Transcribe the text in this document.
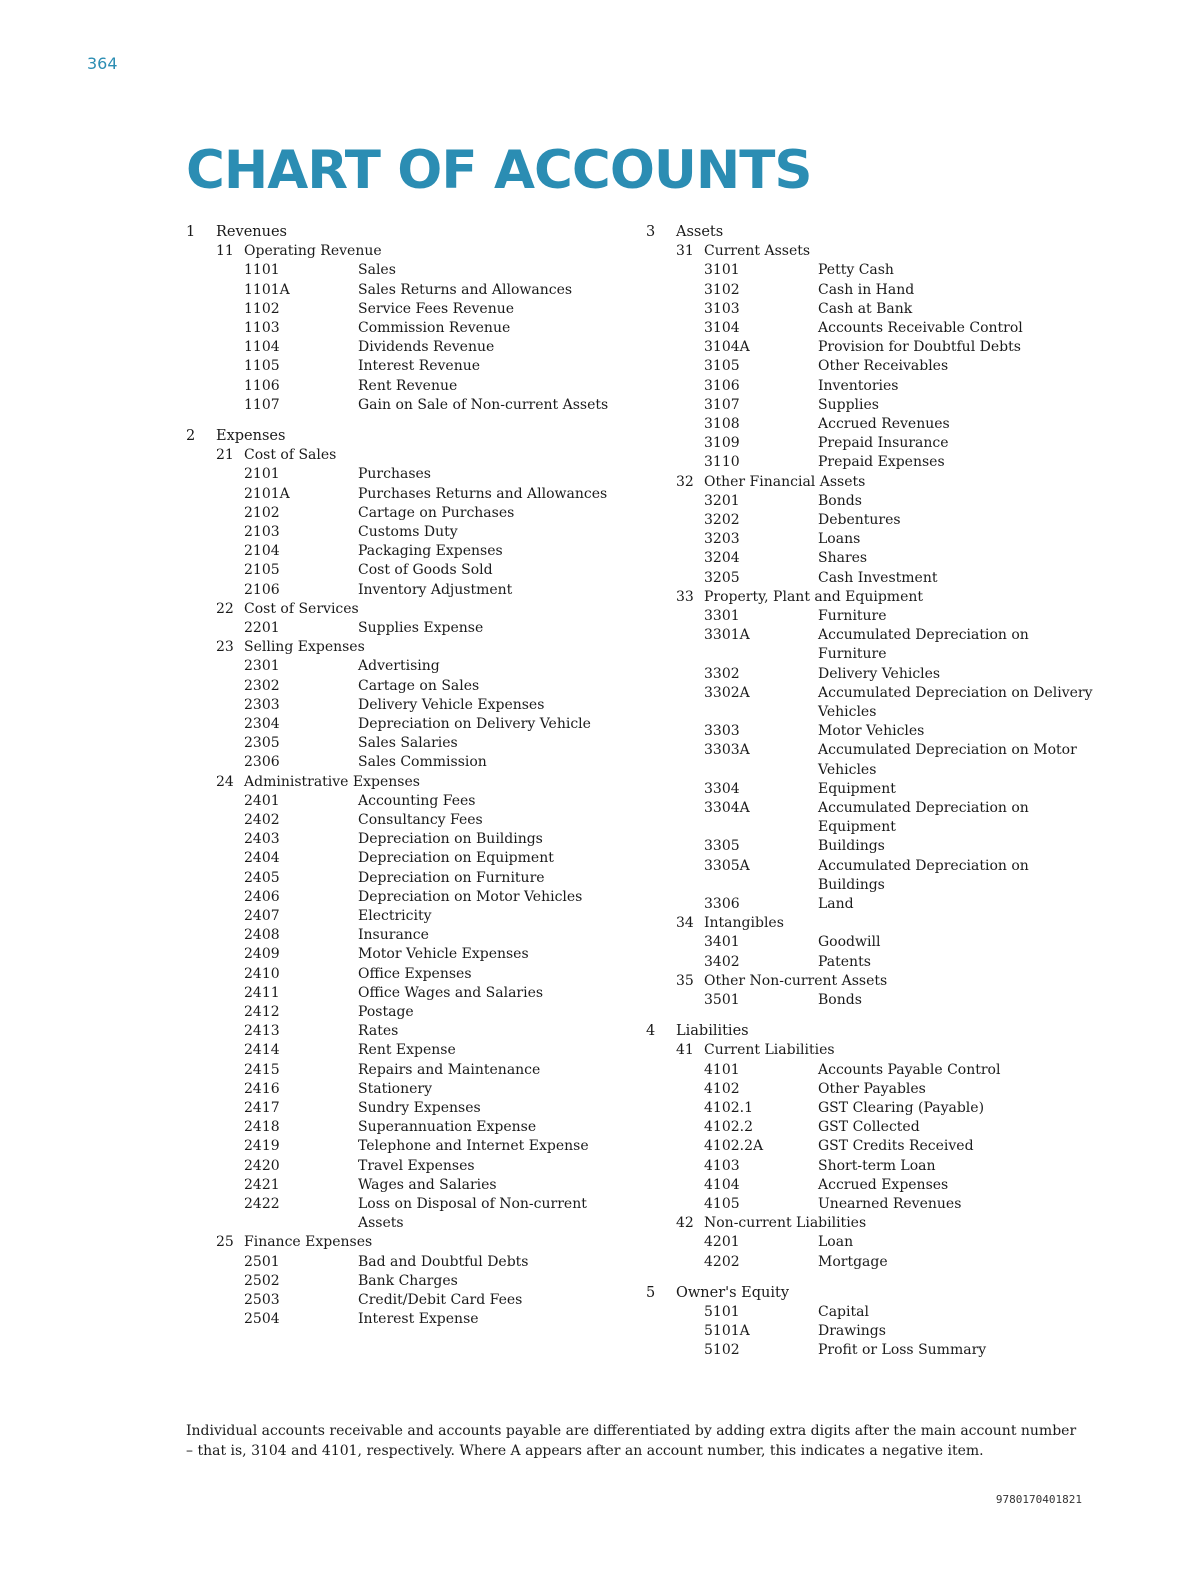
364
CHART OF ACCOUNTS
1	Revenues
11 Operating Revenue
1101	Sales
1101A	Sales Returns and Allowances
1102	Service Fees Revenue
1103	Commission Revenue
1104	Dividends Revenue
1105	Interest Revenue
1106	Rent Revenue
1107	Gain on Sale of Non-current Assets
2	Expenses
21 Cost of Sales
2101	Purchases
2101A	Purchases Returns and Allowances
2102	Cartage on Purchases
2103	Customs Duty
2104	Packaging Expenses
2105	Cost of Goods Sold
2106	Inventory Adjustment
22 Cost of Services
2201	Supplies Expense
23 Selling Expenses
2301	Advertising
2302	Cartage on Sales
2303	Delivery Vehicle Expenses
2304	Depreciation on Delivery Vehicle
2305	Sales Salaries
2306	Sales Commission
24 Administrative Expenses
2401	Accounting Fees
2402	Consultancy Fees
2403	Depreciation on Buildings
2404	Depreciation on Equipment
2405	Depreciation on Furniture
2406	Depreciation on Motor Vehicles
2407	Electricity
2408	Insurance
2409	Motor Vehicle Expenses
2410	Office Expenses
2411	Office Wages and Salaries
2412	Postage
2413	Rates
2414	Rent Expense
2415	Repairs and Maintenance
2416	Stationery
2417	Sundry Expenses
2418	Superannuation Expense
2419	Telephone and Internet Expense
2420	Travel Expenses
2421	Wages and Salaries
2422	Loss on Disposal of Non-current Assets
25 Finance Expenses
2501	Bad and Doubtful Debts
2502	Bank Charges
2503	Credit/Debit Card Fees
2504	Interest Expense
3	Assets
31 Current Assets
3101	Petty Cash
3102	Cash in Hand
3103	Cash at Bank
3104	Accounts Receivable Control
3104A	Provision for Doubtful Debts
3105	Other Receivables
3106	Inventories
3107	Supplies
3108	Accrued Revenues
3109	Prepaid Insurance
3110	Prepaid Expenses
32 Other Financial Assets
3201	Bonds
3202	Debentures
3203	Loans
3204	Shares
3205	Cash Investment
33 Property, Plant and Equipment
3301	Furniture
3301A	Accumulated Depreciation on Furniture
3302	Delivery Vehicles
3302A	Accumulated Depreciation on Delivery Vehicles
3303	Motor Vehicles
3303A	Accumulated Depreciation on Motor Vehicles
3304	Equipment
3304A	Accumulated Depreciation on Equipment
3305	Buildings
3305A	Accumulated Depreciation on Buildings
3306	Land
34 Intangibles
3401	Goodwill
3402	Patents
35 Other Non-current Assets
3501	Bonds
4	Liabilities
41 Current Liabilities
4101	Accounts Payable Control
4102	Other Payables
4102.1	GST Clearing (Payable)
4102.2	GST Collected
4102.2A	GST Credits Received
4103	Short-term Loan
4104	Accrued Expenses
4105	Unearned Revenues
42 Non-current Liabilities
4201	Loan
4202	Mortgage
5	Owner's Equity
5101	Capital
5101A	Drawings
5102	Profit or Loss Summary

Individual accounts receivable and accounts payable are differentiated by adding extra digits after the main account number – that is, 3104 and 4101, respectively. Where A appears after an account number, this indicates a negative item.

9780170401821
